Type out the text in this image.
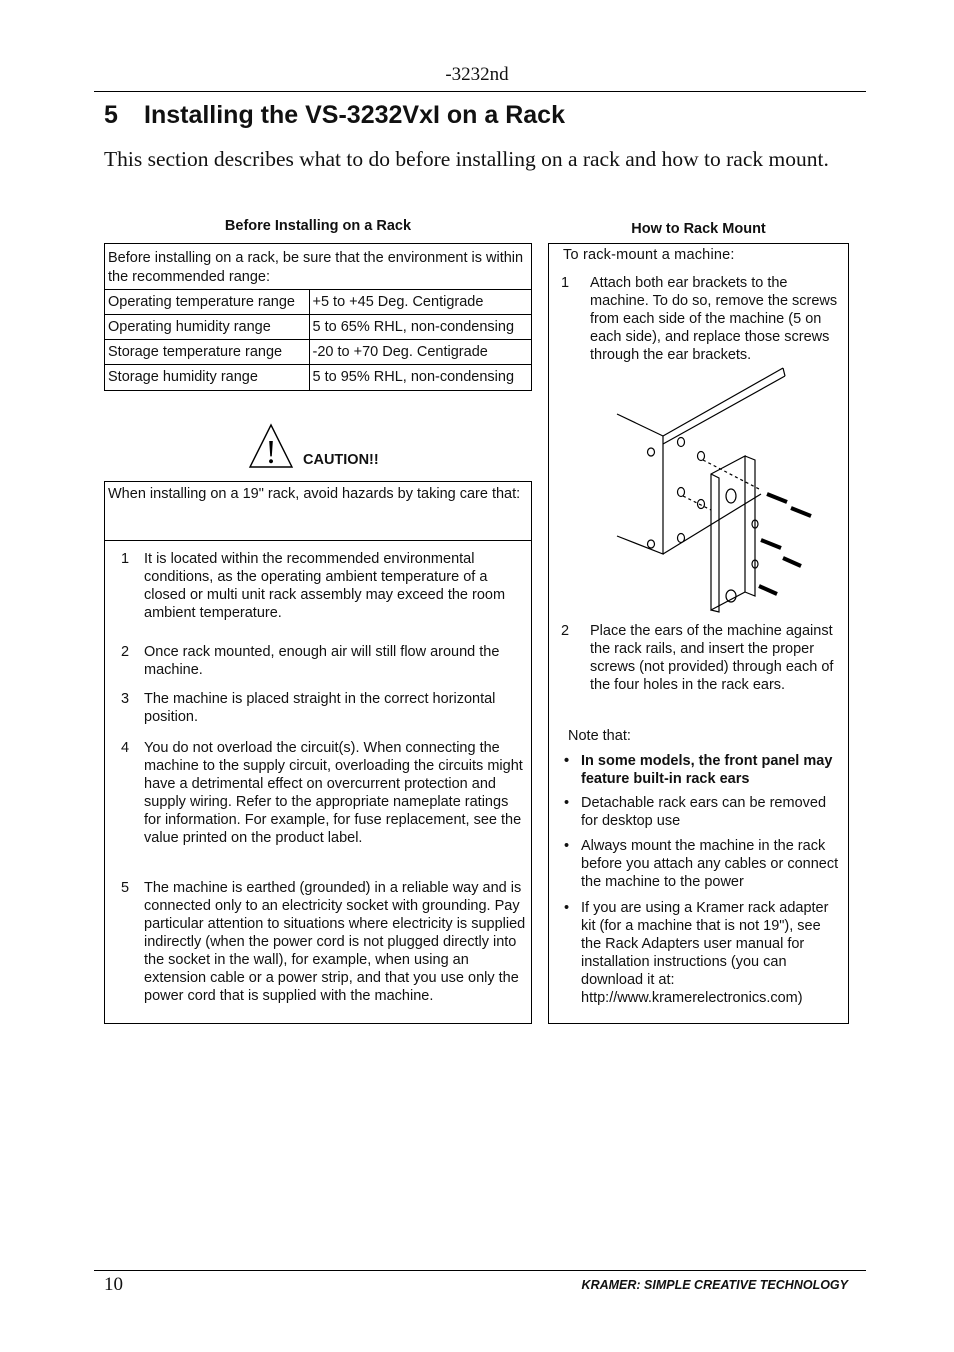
-3232nd
5 Installing the VS-3232VxI on a Rack
This section describes what to do before installing on a rack and how to rack mount.
Before Installing on a Rack
Before installing on a rack, be sure that the environment is within the recommended range:
Operating temperature range	+5 to +45 Deg. Centigrade
Operating humidity range	5 to 65% RHL, non-condensing
Storage temperature range	-20 to +70 Deg. Centigrade
Storage humidity range	5 to 95% RHL, non-condensing
! CAUTION!!
When installing on a 19" rack, avoid hazards by taking care that:
1 It is located within the recommended environmental conditions, as the operating ambient temperature of a closed or multi unit rack assembly may exceed the room ambient temperature.
2 Once rack mounted, enough air will still flow around the machine.
3 The machine is placed straight in the correct horizontal position.
4 You do not overload the circuit(s). When connecting the machine to the supply circuit, overloading the circuits might have a detrimental effect on overcurrent protection and supply wiring. Refer to the appropriate nameplate ratings for information. For example, for fuse replacement, see the value printed on the product label.
5 The machine is earthed (grounded) in a reliable way and is connected only to an electricity socket with grounding. Pay particular attention to situations where electricity is supplied indirectly (when the power cord is not plugged directly into the socket in the wall), for example, when using an extension cable or a power strip, and that you use only the power cord that is supplied with the machine.
How to Rack Mount
To rack-mount a machine:
1 Attach both ear brackets to the machine. To do so, remove the screws from each side of the machine (5 on each side), and replace those screws through the ear brackets.
2 Place the ears of the machine against the rack rails, and insert the proper screws (not provided) through each of the four holes in the rack ears.
Note that:
• In some models, the front panel may feature built-in rack ears
• Detachable rack ears can be removed for desktop use
• Always mount the machine in the rack before you attach any cables or connect the machine to the power
• If you are using a Kramer rack adapter kit (for a machine that is not 19"), see the Rack Adapters user manual for installation instructions (you can download it at: http://www.kramerelectronics.com)
10	KRAMER: SIMPLE CREATIVE TECHNOLOGY
